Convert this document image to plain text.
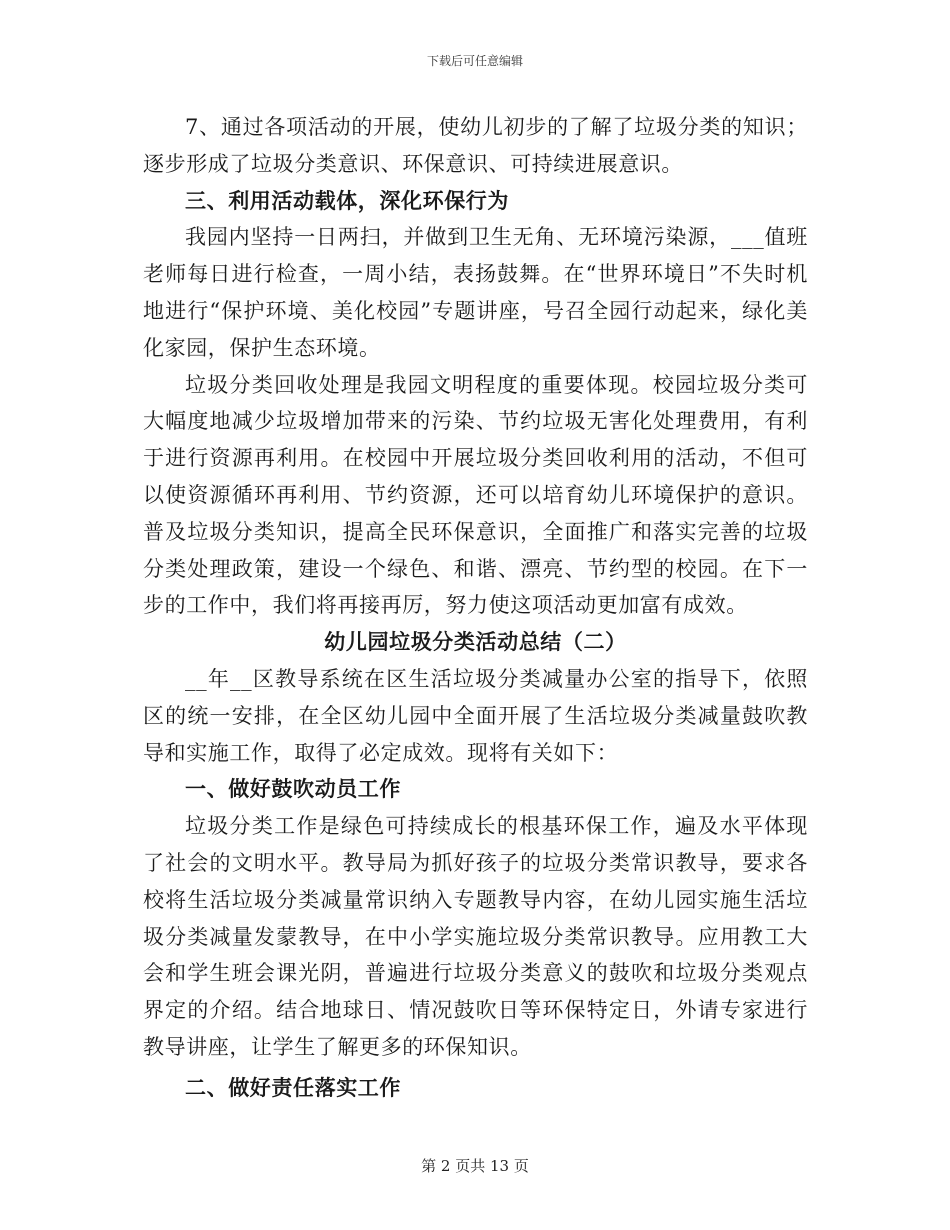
下载后可任意编辑

7、通过各项活动的开展，使幼儿初步的了解了垃圾分类的知识；逐步形成了垃圾分类意识、环保意识、可持续进展意识。

三、利用活动载体，深化环保行为

我园内坚持一日两扫，并做到卫生无角、无环境污染源，___值班老师每日进行检查，一周小结，表扬鼓舞。在“世界环境日”不失时机地进行“保护环境、美化校园”专题讲座，号召全园行动起来，绿化美化家园，保护生态环境。

垃圾分类回收处理是我园文明程度的重要体现。校园垃圾分类可大幅度地减少垃圾增加带来的污染、节约垃圾无害化处理费用，有利于进行资源再利用。在校园中开展垃圾分类回收利用的活动，不但可以使资源循环再利用、节约资源，还可以培育幼儿环境保护的意识。普及垃圾分类知识，提高全民环保意识，全面推广和落实完善的垃圾分类处理政策，建设一个绿色、和谐、漂亮、节约型的校园。在下一步的工作中，我们将再接再厉，努力使这项活动更加富有成效。

幼儿园垃圾分类活动总结（二）

__年__区教导系统在区生活垃圾分类减量办公室的指导下，依照区的统一安排，在全区幼儿园中全面开展了生活垃圾分类减量鼓吹教导和实施工作，取得了必定成效。现将有关如下：

一、做好鼓吹动员工作

垃圾分类工作是绿色可持续成长的根基环保工作，遍及水平体现了社会的文明水平。教导局为抓好孩子的垃圾分类常识教导，要求各校将生活垃圾分类减量常识纳入专题教导内容，在幼儿园实施生活垃圾分类减量发蒙教导，在中小学实施垃圾分类常识教导。应用教工大会和学生班会课光阴，普遍进行垃圾分类意义的鼓吹和垃圾分类观点界定的介绍。结合地球日、情况鼓吹日等环保特定日，外请专家进行教导讲座，让学生了解更多的环保知识。

二、做好责任落实工作
第 2 页共 13 页
